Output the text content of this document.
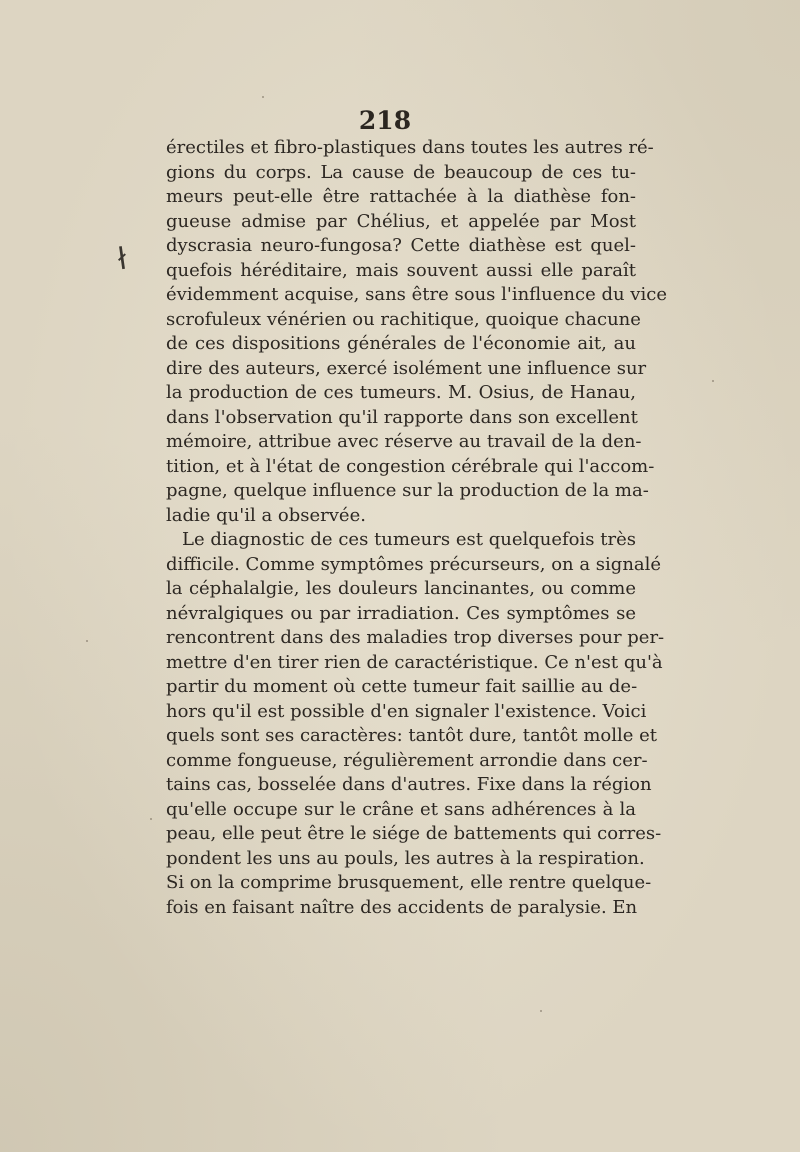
218

ł
érectiles et fibro-plastiques dans toutes les autres ré-
gions du corps. La cause de beaucoup de ces tu-
meurs peut-elle être rattachée à la diathèse fon-
gueuse admise par Chélius, et appelée par Most
dyscrasia neuro-fungosa? Cette diathèse est quel-
quefois héréditaire, mais souvent aussi elle paraît
évidemment acquise, sans être sous l'influence du vice
scrofuleux vénérien ou rachitique, quoique chacune
de ces dispositions générales de l'économie ait, au
dire des auteurs, exercé isolément une influence sur
la production de ces tumeurs. M. Osius, de Hanau,
dans l'observation qu'il rapporte dans son excellent
mémoire, attribue avec réserve au travail de la den-
tition, et à l'état de congestion cérébrale qui l'accom-
pagne, quelque influence sur la production de la ma-
ladie qu'il a observée.
Le diagnostic de ces tumeurs est quelquefois très
difficile. Comme symptômes précurseurs, on a signalé
la céphalalgie, les douleurs lancinantes, ou comme
névralgiques ou par irradiation. Ces symptômes se
rencontrent dans des maladies trop diverses pour per-
mettre d'en tirer rien de caractéristique. Ce n'est qu'à
partir du moment où cette tumeur fait saillie au de-
hors qu'il est possible d'en signaler l'existence. Voici
quels sont ses caractères: tantôt dure, tantôt molle et
comme fongueuse, régulièrement arrondie dans cer-
tains cas, bosselée dans d'autres. Fixe dans la région
qu'elle occupe sur le crâne et sans adhérences à la
peau, elle peut être le siége de battements qui corres-
pondent les uns au pouls, les autres à la respiration.
Si on la comprime brusquement, elle rentre quelque-
fois en faisant naître des accidents de paralysie. En
